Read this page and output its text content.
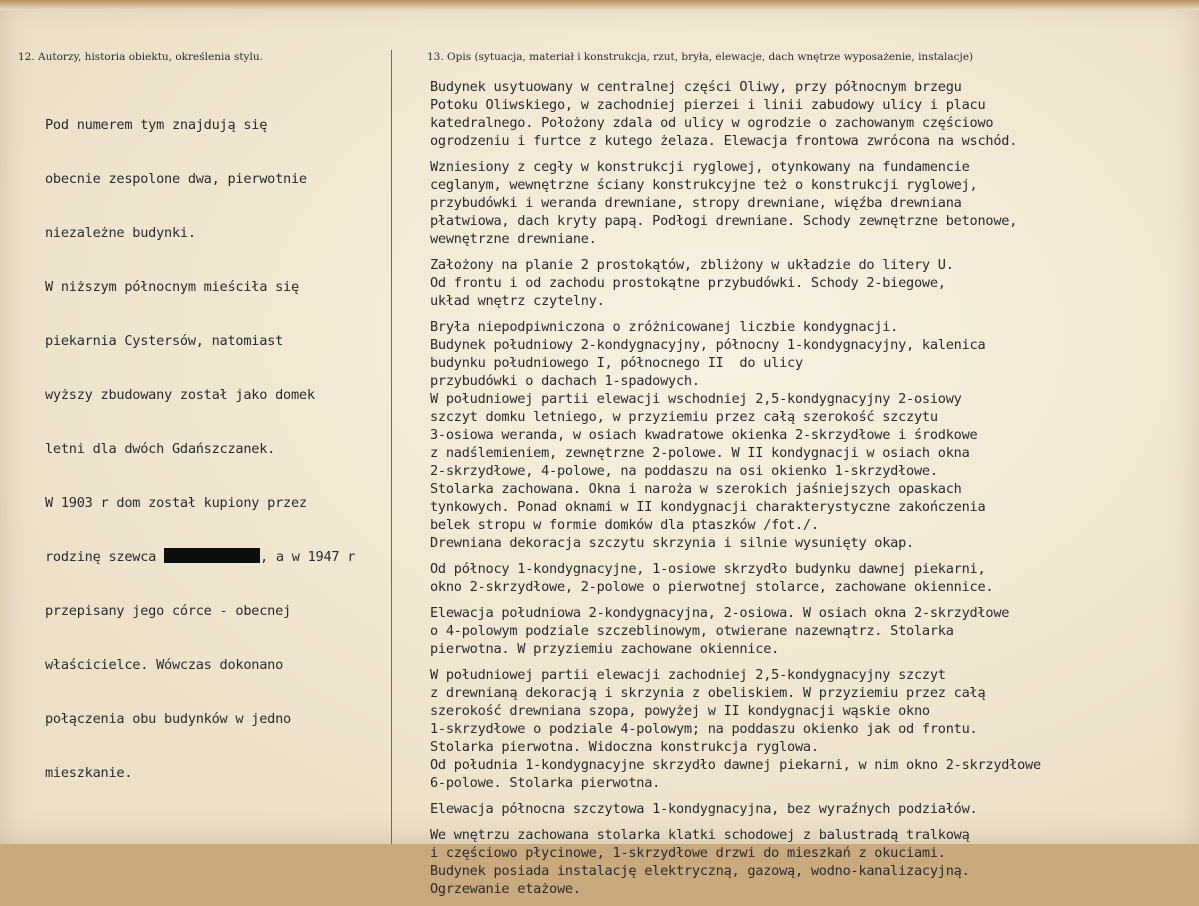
12. Autorzy, historia obiektu, określenia stylu.	13. Opis (sytuacja, materiał i konstrukcja, rzut, bryła, elewacje, dach wnętrze wyposażenie, instalacje)

Pod numerem tym znajdują się

obecnie zespolone dwa, pierwotnie

niezależne budynki.

W niższym północnym mieściła się

piekarnia Cystersów, natomiast

wyższy zbudowany został jako domek

letni dla dwóch Gdańszczanek.

W 1903 r dom został kupiony przez

rodzinę szewca	, a w 1947 r

przepisany jego córce - obecnej

właścicielce. Wówczas dokonano

połączenia obu budynków w jedno

mieszkanie.

Budynek usytuowany w centralnej części Oliwy, przy północnym brzegu
Potoku Oliwskiego, w zachodniej pierzei i linii zabudowy ulicy i placu
katedralnego. Położony zdala od ulicy w ogrodzie o zachowanym częściowo
ogrodzeniu i furtce z kutego żelaza. Elewacja frontowa zwrócona na wschód.
Wzniesiony z cegły w konstrukcji ryglowej, otynkowany na fundamencie
ceglanym, wewnętrzne ściany konstrukcyjne też o konstrukcji ryglowej,
przybudówki i weranda drewniane, stropy drewniane, więźba drewniana
płatwiowa, dach kryty papą. Podłogi drewniane. Schody zewnętrzne betonowe,
wewnętrzne drewniane.
Założony na planie 2 prostokątów, zbliżony w układzie do litery U.
Od frontu i od zachodu prostokątne przybudówki. Schody 2-biegowe,
układ wnętrz czytelny.
Bryła niepodpiwniczona o zróżnicowanej liczbie kondygnacji.
Budynek południowy 2-kondygnacyjny, północny 1-kondygnacyjny, kalenica
budynku południowego I, północnego II  do ulicy
przybudówki o dachach 1-spadowych.
W południowej partii elewacji wschodniej 2,5-kondygnacyjny 2-osiowy
szczyt domku letniego, w przyziemiu przez całą szerokość szczytu
3-osiowa weranda, w osiach kwadratowe okienka 2-skrzydłowe i środkowe
z nadślemieniem, zewnętrzne 2-polowe. W II kondygnacji w osiach okna
2-skrzydłowe, 4-polowe, na poddaszu na osi okienko 1-skrzydłowe.
Stolarka zachowana. Okna i naroża w szerokich jaśniejszych opaskach
tynkowych. Ponad oknami w II kondygnacji charakterystyczne zakończenia
belek stropu w formie domków dla ptaszków /fot./.
Drewniana dekoracja szczytu skrzynia i silnie wysunięty okap.
Od północy 1-kondygnacyjne, 1-osiowe skrzydło budynku dawnej piekarni,
okno 2-skrzydłowe, 2-polowe o pierwotnej stolarce, zachowane okiennice.
Elewacja południowa 2-kondygnacyjna, 2-osiowa. W osiach okna 2-skrzydłowe
o 4-polowym podziale szczeblinowym, otwierane nazewnątrz. Stolarka
pierwotna. W przyziemiu zachowane okiennice.
W południowej partii elewacji zachodniej 2,5-kondygnacyjny szczyt
z drewnianą dekoracją i skrzynia z obeliskiem. W przyziemiu przez całą
szerokość drewniana szopa, powyżej w II kondygnacji wąskie okno
1-skrzydłowe o podziale 4-polowym; na poddaszu okienko jak od frontu.
Stolarka pierwotna. Widoczna konstrukcja ryglowa.
Od południa 1-kondygnacyjne skrzydło dawnej piekarni, w nim okno 2-skrzydłowe
6-polowe. Stolarka pierwotna.
Elewacja północna szczytowa 1-kondygnacyjna, bez wyraźnych podziałów.
We wnętrzu zachowana stolarka klatki schodowej z balustradą tralkową
i częściowo płycinowe, 1-skrzydłowe drzwi do mieszkań z okuciami.
Budynek posiada instalację elektryczną, gazową, wodno-kanalizacyjną.
Ogrzewanie etażowe.
